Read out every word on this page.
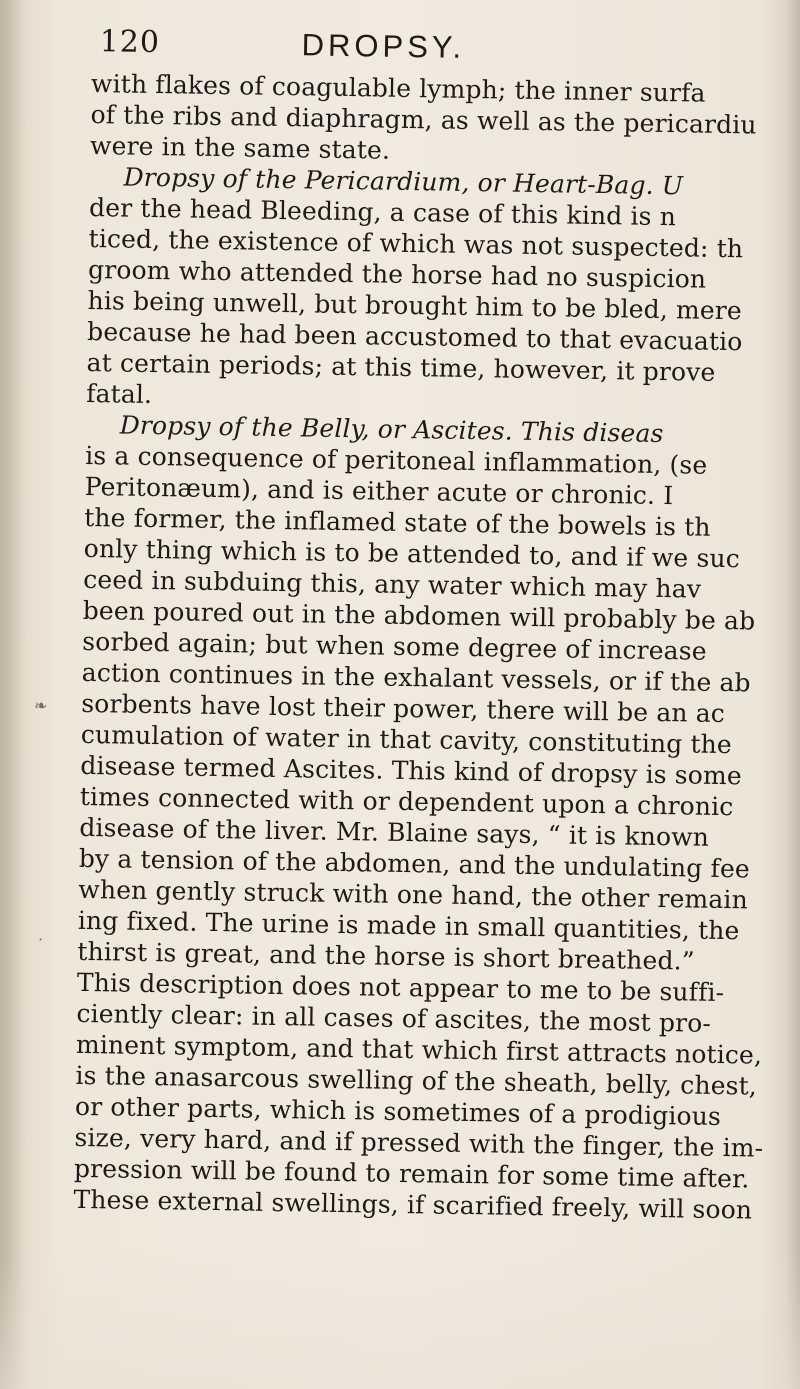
❧
·
120	DROPSY.
with flakes of coagulable lymph; the inner surfa
of the ribs and diaphragm, as well as the pericardiu
were in the same state.
Dropsy of the Pericardium, or Heart-Bag. U
der the head Bleeding, a case of this kind is n
ticed, the existence of which was not suspected: th
groom who attended the horse had no suspicion
his being unwell, but brought him to be bled, mere
because he had been accustomed to that evacuatio
at certain periods; at this time, however, it prove
fatal.
Dropsy of the Belly, or Ascites. This diseas
is a consequence of peritoneal inflammation, (se
Peritonæum), and is either acute or chronic. I
the former, the inflamed state of the bowels is th
only thing which is to be attended to, and if we suc
ceed in subduing this, any water which may hav
been poured out in the abdomen will probably be ab
sorbed again; but when some degree of increase
action continues in the exhalant vessels, or if the ab
sorbents have lost their power, there will be an ac
cumulation of water in that cavity, constituting the
disease termed Ascites. This kind of dropsy is some
times connected with or dependent upon a chronic
disease of the liver. Mr. Blaine says, “ it is known
by a tension of the abdomen, and the undulating fee
when gently struck with one hand, the other remain
ing fixed. The urine is made in small quantities, the
thirst is great, and the horse is short breathed.”
This description does not appear to me to be suffi-
ciently clear: in all cases of ascites, the most pro-
minent symptom, and that which first attracts notice,
is the anasarcous swelling of the sheath, belly, chest,
or other parts, which is sometimes of a prodigious
size, very hard, and if pressed with the finger, the im-
pression will be found to remain for some time after.
These external swellings, if scarified freely, will soon
